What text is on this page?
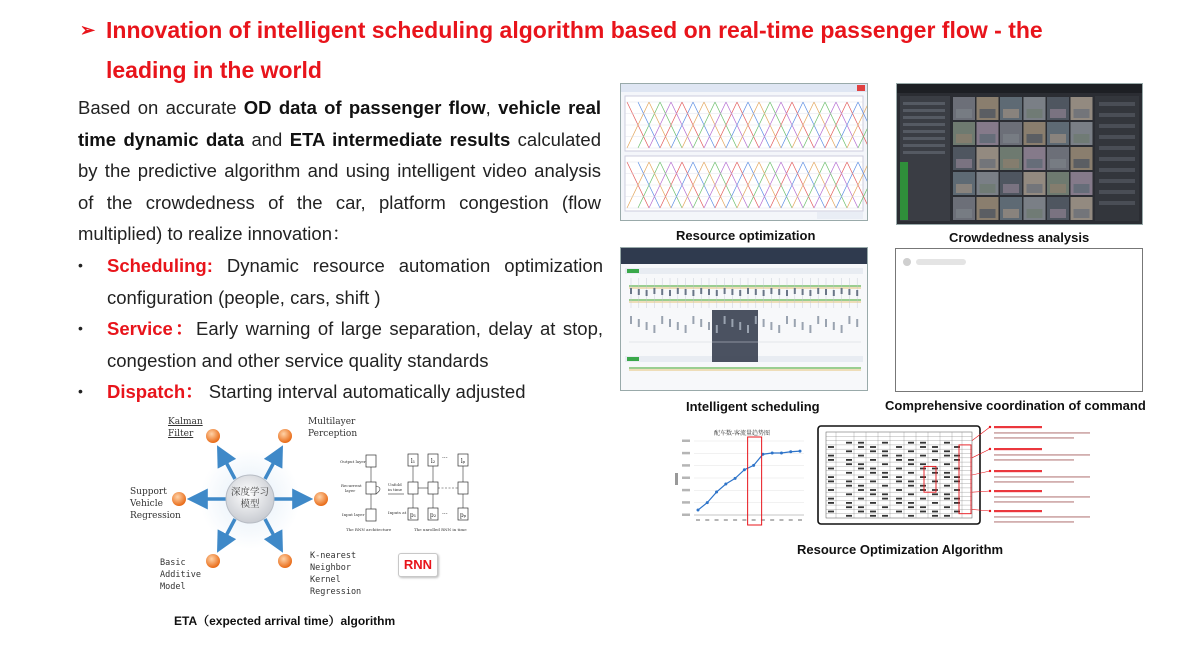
➢ Innovation of intelligent scheduling algorithm based on real-time passenger flow - the
leading in the world
Based on accurate OD data of passenger flow, vehicle real time dynamic data and ETA intermediate results calculated by the predictive algorithm and using intelligent video analysis of the crowdedness of the car, platform congestion (flow multiplied) to realize innovation：
• Scheduling: Dynamic resource automation optimization configuration (people, cars, shift )
• Service：Early warning of large separation, delay at stop, congestion and other service quality standards
• Dispatch： Starting interval automatically adjusted
Resource optimization	Crowdedness analysis
Intelligent scheduling	Comprehensive coordination of command
配车数-客流量趋势图
Resource Optimization Algorithm
Output layer
Recurrent
layer
Input layer
Unfold
in time
Inputs at
The RNN architecture	The unrolled RNN in time
l₁
p₁
l₂
p₂
lₚ
pₚ
···
···
Kalman
Filter
Multilayer
Perception
Support
Vehicle
Regression
Basic
Additive
Model
K-nearest
Neighbor
Kernel
Regression
深度学习
模型
RNN
ETA（expected arrival time）algorithm
